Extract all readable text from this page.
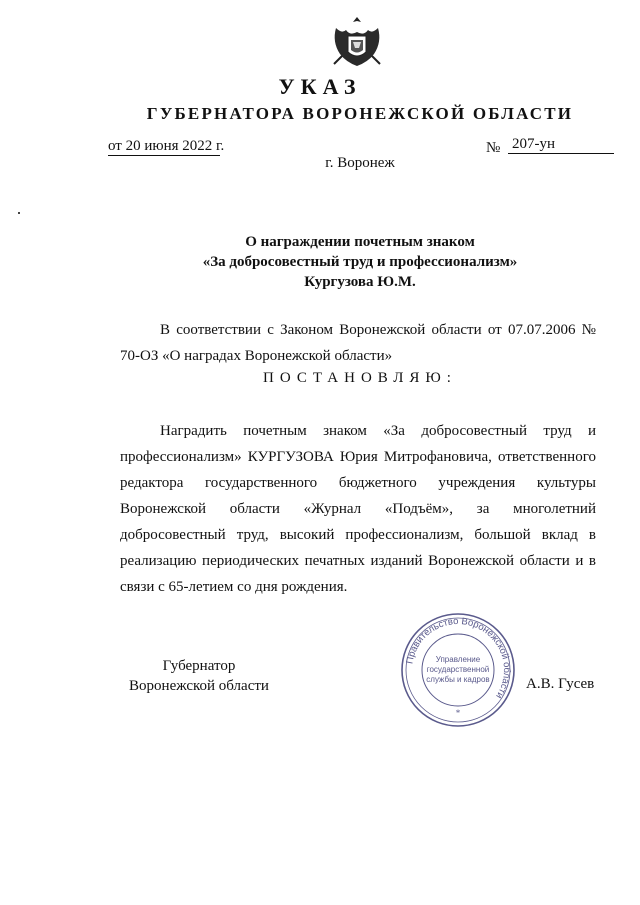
УКАЗ
ГУБЕРНАТОРА ВОРОНЕЖСКОЙ ОБЛАСТИ
от 20 июня 2022 г.	№ 207-ун
г. Воронеж
О награждении почетным знаком
«За добросовестный труд и профессионализм»
Кургузова Ю.М.
В соответствии с Законом Воронежской области от 07.07.2006 № 70-ОЗ «О наградах Воронежской области»
ПОСТАНОВЛЯЮ:
Наградить почетным знаком «За добросовестный труд и профессионализм» КУРГУЗОВА Юрия Митрофановича, ответственного редактора государственного бюджетного учреждения культуры Воронежской области «Журнал «Подъём», за многолетний добросовестный труд, высокий профессионализм, большой вклад в реализацию периодических печатных изданий Воронежской области и в связи с 65-летием со дня рождения.
Губернатор
Воронежской области
Правительство Воронежской области
Управление
государственной
службы и кадров
*
А.В. Гусев
